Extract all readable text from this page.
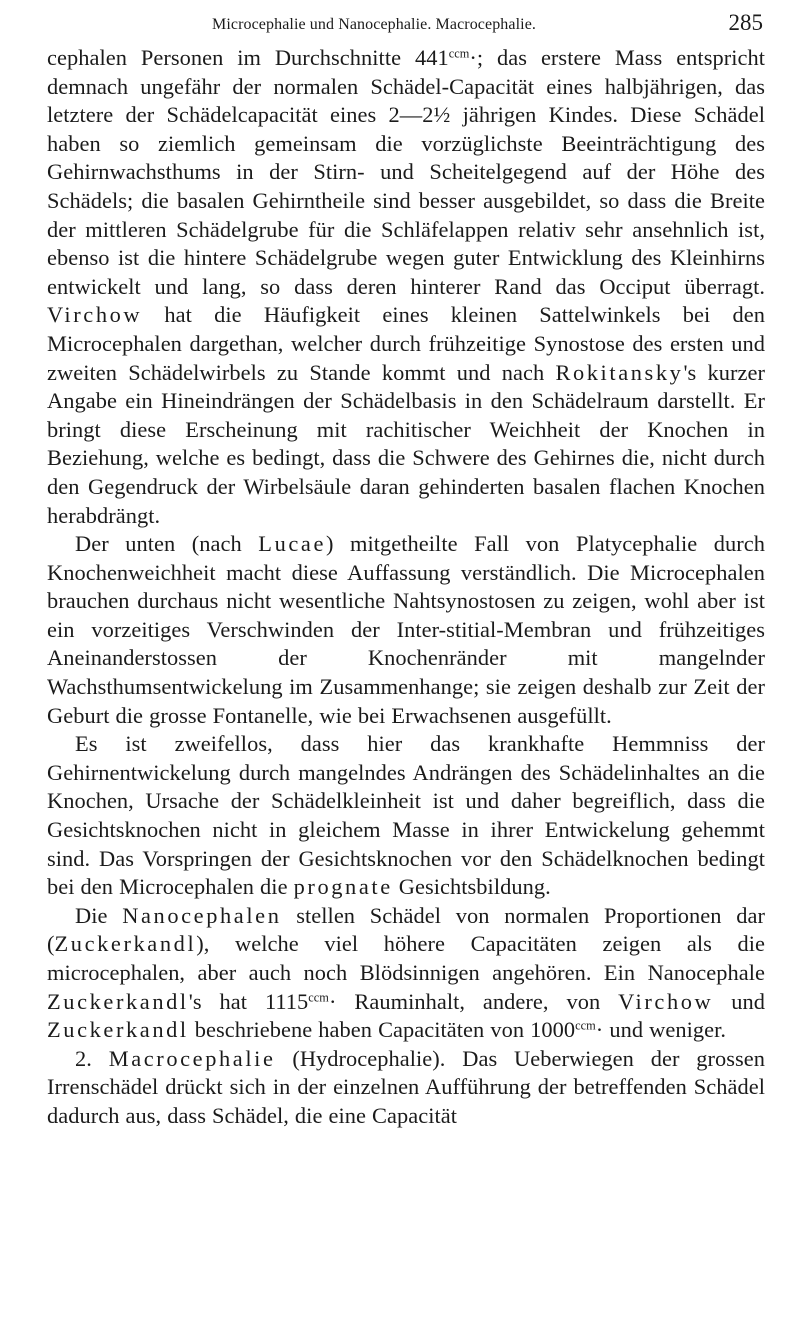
Microcephalie und Nanocephalie. Macrocephalie.	285

cephalen Personen im Durchschnitte $441^{ccm}\cdot$; das erstere Mass entspricht demnach ungefähr der normalen Schädel-Capacität eines halbjährigen, das letztere der Schädelcapacität eines 2—2½ jährigen Kindes. Diese Schädel haben so ziemlich gemeinsam die vorzüglichste Beeinträchtigung des Gehirnwachsthums in der Stirn- und Scheitelgegend auf der Höhe des Schädels; die basalen Gehirntheile sind besser ausgebildet, so dass die Breite der mittleren Schädelgrube für die Schläfelappen relativ sehr ansehnlich ist, ebenso ist die hintere Schädelgrube wegen guter Entwicklung des Kleinhirns entwickelt und lang, so dass deren hinterer Rand das Occiput überragt. Virchow hat die Häufigkeit eines kleinen Sattelwinkels bei den Microcephalen dargethan, welcher durch frühzeitige Synostose des ersten und zweiten Schädelwirbels zu Stande kommt und nach Rokitansky's kurzer Angabe ein Hineindrängen der Schädelbasis in den Schädelraum darstellt. Er bringt diese Erscheinung mit rachitischer Weichheit der Knochen in Beziehung, welche es bedingt, dass die Schwere des Gehirnes die, nicht durch den Gegendruck der Wirbelsäule daran gehinderten basalen flachen Knochen herabdrängt.

Der unten (nach Lucae) mitgetheilte Fall von Platycephalie durch Knochenweichheit macht diese Auffassung verständlich. Die Microcephalen brauchen durchaus nicht wesentliche Nahtsynostosen zu zeigen, wohl aber ist ein vorzeitiges Verschwinden der Inter-stitial-Membran und frühzeitiges Aneinanderstossen der Knochenränder mit mangelnder Wachsthumsentwickelung im Zusammenhange; sie zeigen deshalb zur Zeit der Geburt die grosse Fontanelle, wie bei Erwachsenen ausgefüllt.

Es ist zweifellos, dass hier das krankhafte Hemmniss der Gehirnentwickelung durch mangelndes Andrängen des Schädelinhaltes an die Knochen, Ursache der Schädelkleinheit ist und daher begreiflich, dass die Gesichtsknochen nicht in gleichem Masse in ihrer Entwickelung gehemmt sind. Das Vorspringen der Gesichtsknochen vor den Schädelknochen bedingt bei den Microcephalen die prognate Gesichtsbildung.

Die Nanocephalen stellen Schädel von normalen Proportionen dar (Zuckerkandl), welche viel höhere Capacitäten zeigen als die microcephalen, aber auch noch Blödsinnigen angehören. Ein Nanocephale Zuckerkandl's hat $1115^{ccm}\cdot$ Rauminhalt, andere, von Virchow und Zuckerkandl beschriebene haben Capacitäten von $1000^{ccm}\cdot$ und weniger.

2. Macrocephalie (Hydrocephalie). Das Ueberwiegen der grossen Irrenschädel drückt sich in der einzelnen Aufführung der betreffenden Schädel dadurch aus, dass Schädel, die eine Capacität
